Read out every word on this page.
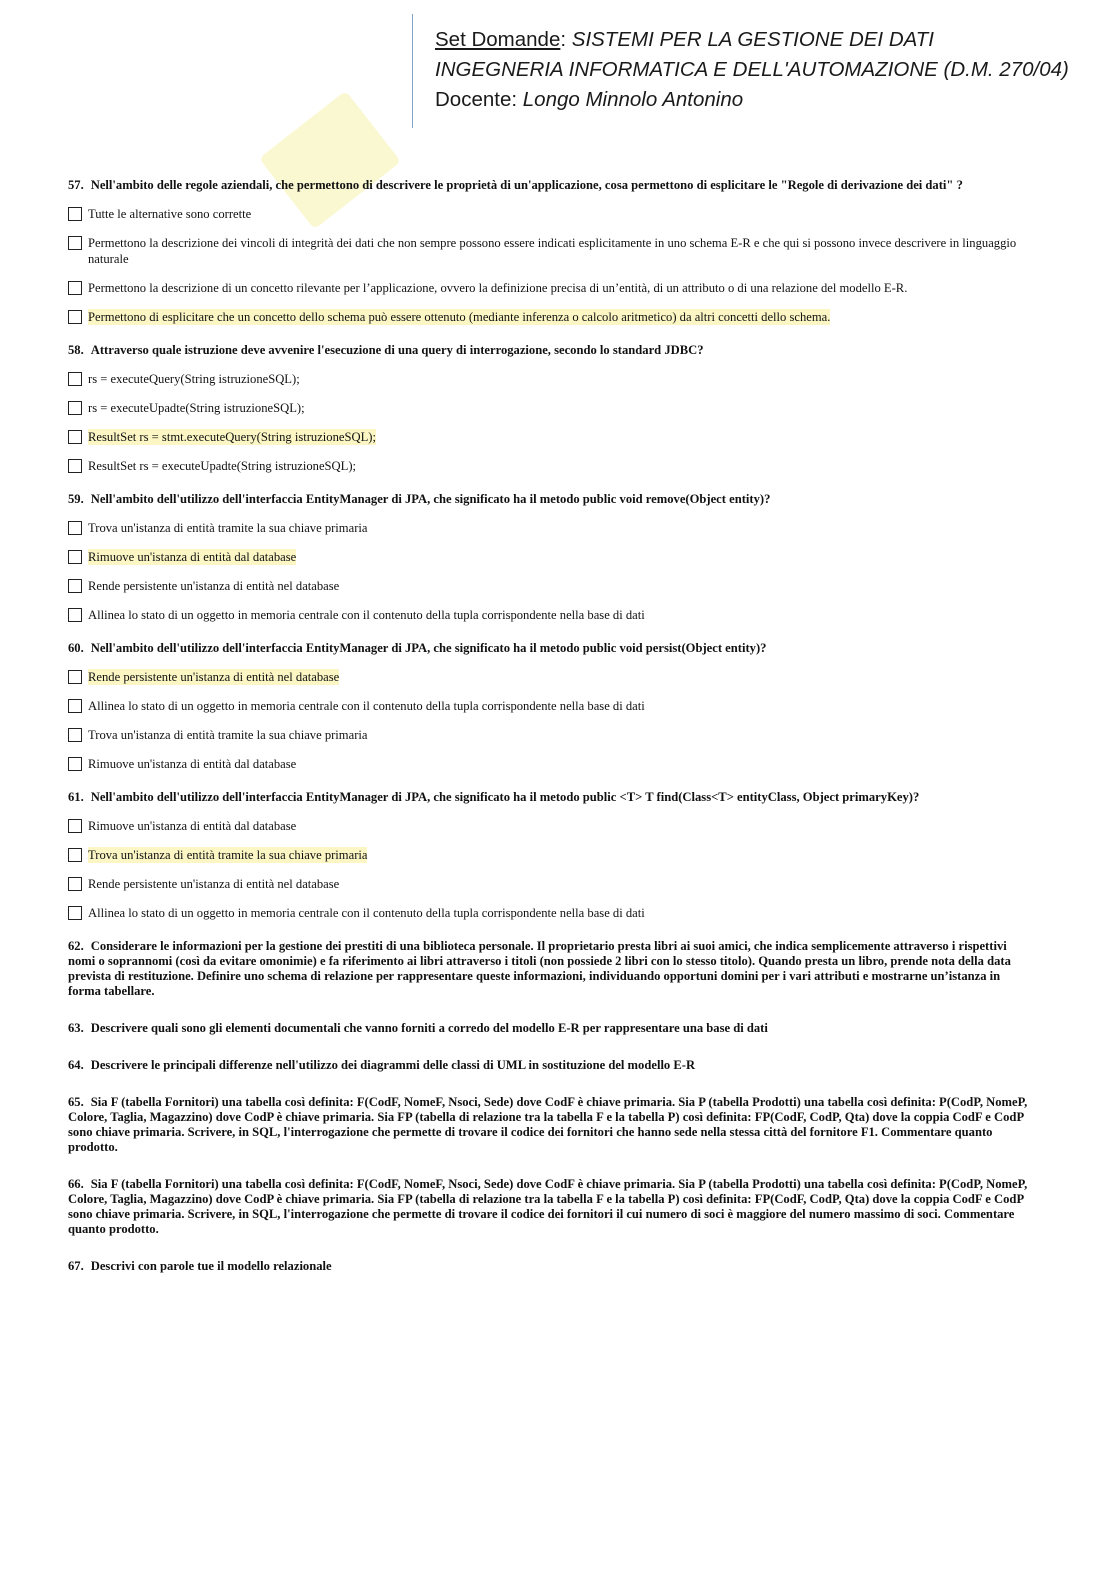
Set Domande: SISTEMI PER LA GESTIONE DEI DATI
INGEGNERIA INFORMATICA E DELL'AUTOMAZIONE (D.M. 270/04)
Docente: Longo Minnolo Antonino

57. Nell'ambito delle regole aziendali, che permettono di descrivere le proprietà di un'applicazione, cosa permettono di esplicitare le "Regole di derivazione dei dati" ?

Tutte le alternative sono corrette
Permettono la descrizione dei vincoli di integrità dei dati che non sempre possono essere indicati esplicitamente in uno schema E-R e che qui si possono invece descrivere in linguaggio naturale
Permettono la descrizione di un concetto rilevante per l’applicazione, ovvero la definizione precisa di un’entità, di un attributo o di una relazione del modello E-R.
Permettono di esplicitare che un concetto dello schema può essere ottenuto (mediante inferenza o calcolo aritmetico) da altri concetti dello schema.

58. Attraverso quale istruzione deve avvenire l'esecuzione di una query di interrogazione, secondo lo standard JDBC?

rs = executeQuery(String istruzioneSQL);
rs = executeUpadte(String istruzioneSQL);
ResultSet rs = stmt.executeQuery(String istruzioneSQL);
ResultSet rs = executeUpadte(String istruzioneSQL);

59. Nell'ambito dell'utilizzo dell'interfaccia EntityManager di JPA, che significato ha il metodo public void remove(Object entity)?

Trova un'istanza di entità tramite la sua chiave primaria
Rimuove un'istanza di entità dal database
Rende persistente un'istanza di entità nel database
Allinea lo stato di un oggetto in memoria centrale con il contenuto della tupla corrispondente nella base di dati

60. Nell'ambito dell'utilizzo dell'interfaccia EntityManager di JPA, che significato ha il metodo public void persist(Object entity)?

Rende persistente un'istanza di entità nel database
Allinea lo stato di un oggetto in memoria centrale con il contenuto della tupla corrispondente nella base di dati
Trova un'istanza di entità tramite la sua chiave primaria
Rimuove un'istanza di entità dal database

61. Nell'ambito dell'utilizzo dell'interfaccia EntityManager di JPA, che significato ha il metodo public <T> T find(Class<T> entityClass, Object primaryKey)?

Rimuove un'istanza di entità dal database
Trova un'istanza di entità tramite la sua chiave primaria
Rende persistente un'istanza di entità nel database
Allinea lo stato di un oggetto in memoria centrale con il contenuto della tupla corrispondente nella base di dati

62. Considerare le informazioni per la gestione dei prestiti di una biblioteca personale. Il proprietario presta libri ai suoi amici, che indica semplicemente attraverso i rispettivi nomi o soprannomi (così da evitare omonimie) e fa riferimento ai libri attraverso i titoli (non possiede 2 libri con lo stesso titolo). Quando presta un libro, prende nota della data prevista di restituzione. Definire uno schema di relazione per rappresentare queste informazioni, individuando opportuni domini per i vari attributi e mostrarne un’istanza in forma tabellare.

63. Descrivere quali sono gli elementi documentali che vanno forniti a corredo del modello E-R per rappresentare una base di dati

64. Descrivere le principali differenze nell'utilizzo dei diagrammi delle classi di UML in sostituzione del modello E-R

65. Sia F (tabella Fornitori) una tabella così definita: F(CodF, NomeF, Nsoci, Sede) dove CodF è chiave primaria. Sia P (tabella Prodotti) una tabella così definita: P(CodP, NomeP, Colore, Taglia, Magazzino) dove CodP è chiave primaria. Sia FP (tabella di relazione tra la tabella F e la tabella P) così definita: FP(CodF, CodP, Qta) dove la coppia CodF e CodP sono chiave primaria. Scrivere, in SQL, l'interrogazione che permette di trovare il codice dei fornitori che hanno sede nella stessa città del fornitore F1. Commentare quanto prodotto.

66. Sia F (tabella Fornitori) una tabella così definita: F(CodF, NomeF, Nsoci, Sede) dove CodF è chiave primaria. Sia P (tabella Prodotti) una tabella così definita: P(CodP, NomeP, Colore, Taglia, Magazzino) dove CodP è chiave primaria. Sia FP (tabella di relazione tra la tabella F e la tabella P) così definita: FP(CodF, CodP, Qta) dove la coppia CodF e CodP sono chiave primaria. Scrivere, in SQL, l'interrogazione che permette di trovare il codice dei fornitori il cui numero di soci è maggiore del numero massimo di soci. Commentare quanto prodotto.

67. Descrivi con parole tue il modello relazionale
